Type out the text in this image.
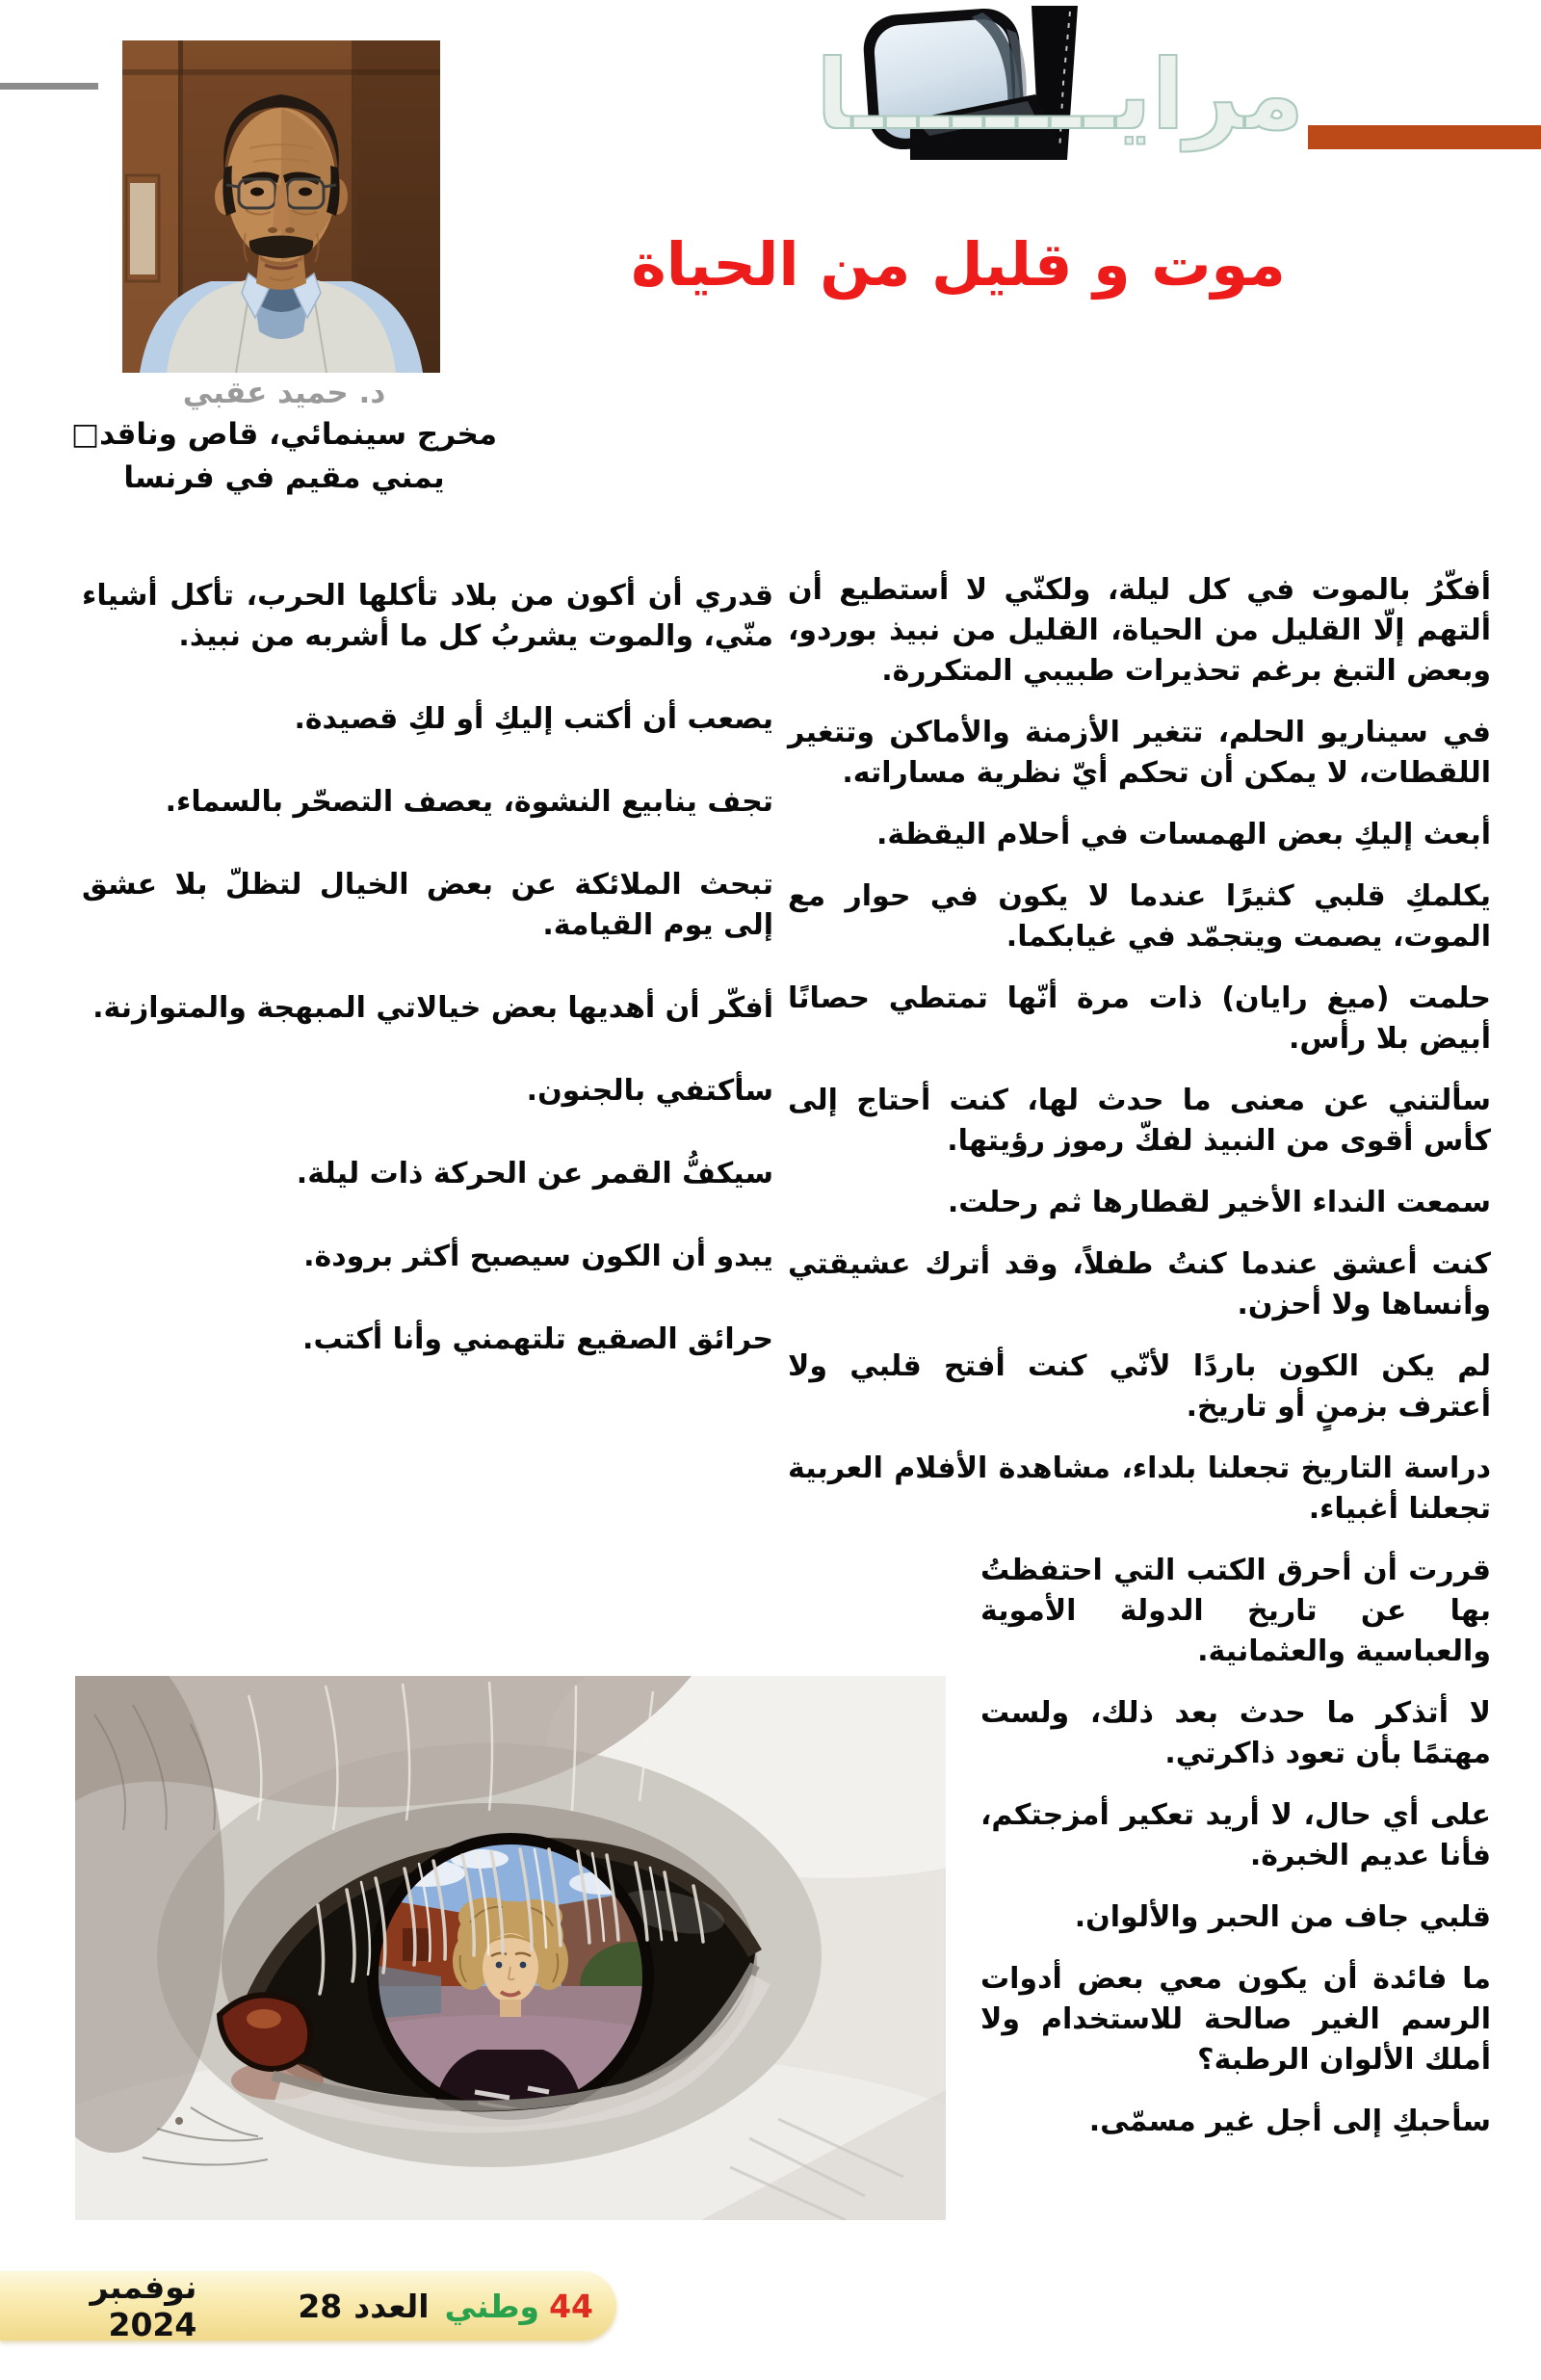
مرايــــــــا
د. حميد عقبي
مخرج سينمائي، قاص وناقد□
يمني مقيم في فرنسا
موت و قليل من الحياة

أفكّرُ بالموت في كل ليلة، ولكنّي لا أستطيع أن ألتهم إلّا القليل من الحياة، القليل من نبيذ بوردو، وبعض التبغ برغم تحذيرات طبيبي المتكررة.

في سيناريو الحلم، تتغير الأزمنة والأماكن وتتغير اللقطات، لا يمكن أن تحكم أيّ نظرية مساراته.

أبعث إليكِ بعض الهمسات في أحلام اليقظة.

يكلمكِ قلبي كثيرًا عندما لا يكون في حوار مع الموت، يصمت ويتجمّد في غيابكما.

حلمت (ميغ رايان) ذات مرة أنّها تمتطي حصانًا أبيض بلا رأس.

سألتني عن معنى ما حدث لها، كنت أحتاج إلى كأس أقوى من النبيذ لفكّ رموز رؤيتها.

سمعت النداء الأخير لقطارها ثم رحلت.

كنت أعشق عندما كنتُ طفلاً، وقد أترك عشيقتي وأنساها ولا أحزن.

لم يكن الكون باردًا لأنّي كنت أفتح قلبي ولا أعترف بزمنٍ أو تاريخ.

دراسة التاريخ تجعلنا بلداء، مشاهدة الأفلام العربية تجعلنا أغبياء.

قررت أن أحرق الكتب التي احتفظتُ بها عن تاريخ الدولة الأموية والعباسية والعثمانية.

لا أتذكر ما حدث بعد ذلك، ولست مهتمًا بأن تعود ذاكرتي.

على أي حال، لا أريد تعكير أمزجتكم، فأنا عديم الخبرة.

قلبي جاف من الحبر والألوان.

ما فائدة أن يكون معي بعض أدوات الرسم الغير صالحة للاستخدام ولا أملك الألوان الرطبة؟

سأحبكِ إلى أجل غير مسمّى.

قدري أن أكون من بلاد تأكلها الحرب، تأكل أشياء منّي، والموت يشربُ كل ما أشربه من نبيذ.

يصعب أن أكتب إليكِ أو لكِ قصيدة.

تجف ينابيع النشوة، يعصف التصحّر بالسماء.

تبحث الملائكة عن بعض الخيال لتظلّ بلا عشق إلى يوم القيامة.

أفكّر أن أهديها بعض خيالاتي المبهجة والمتوازنة.

سأكتفي بالجنون.

سيكفُّ القمر عن الحركة ذات ليلة.

يبدو أن الكون سيصبح أكثر برودة.

حرائق الصقيع تلتهمني وأنا أكتب.

44
وطني
العدد
28
نوفمبر 2024
